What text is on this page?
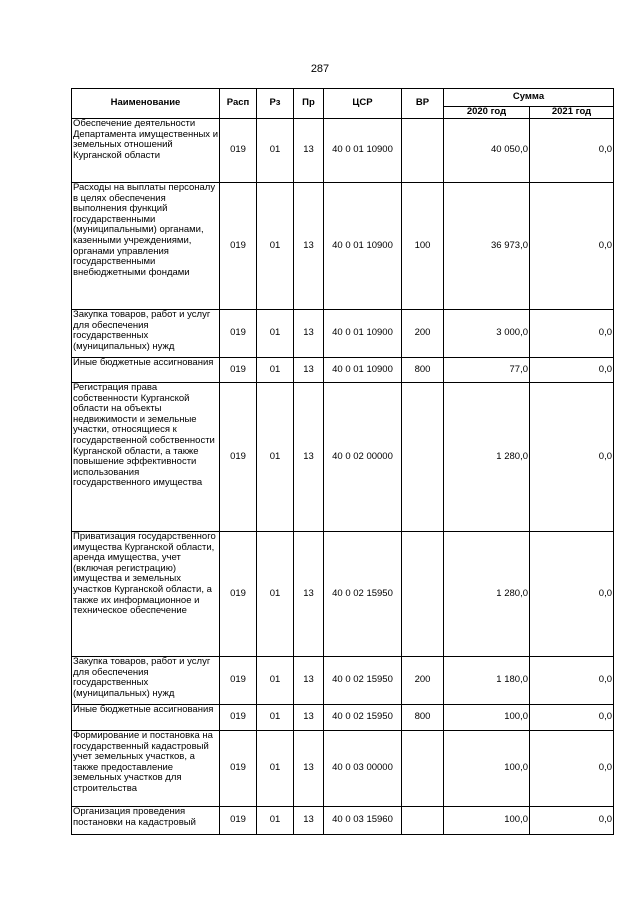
287
Наименование	Расп	Рз	Пр	ЦСР	ВР	Сумма	
						2020 год	2021 год
Обеспечение деятельности Департамента имущественных и земельных отношений Курганской области	019	01	13	40 0 01 10900		40 050,0	0,0
Расходы на выплаты персоналу в целях обеспечения выполнения функций государственными (муниципальными) органами, казенными учреждениями, органами управления государственными внебюджетными фондами	019	01	13	40 0 01 10900	100	36 973,0	0,0
Закупка товаров, работ и услуг для обеспечения государственных (муниципальных) нужд	019	01	13	40 0 01 10900	200	3 000,0	0,0
Иные бюджетные ассигнования	019	01	13	40 0 01 10900	800	77,0	0,0
Регистрация права собственности Курганской области на объекты недвижимости и земельные участки, относящиеся к государственной собственности Курганской области, а также повышение эффективности использования государственного имущества	019	01	13	40 0 02 00000		1 280,0	0,0
Приватизация государственного имущества Курганской области, аренда имущества, учет (включая регистрацию) имущества и земельных участков Курганской области, а также их информационное и техническое обеспечение	019	01	13	40 0 02 15950		1 280,0	0,0
Закупка товаров, работ и услуг для обеспечения государственных (муниципальных) нужд	019	01	13	40 0 02 15950	200	1 180,0	0,0
Иные бюджетные ассигнования	019	01	13	40 0 02 15950	800	100,0	0,0
Формирование и постановка на государственный кадастровый учет земельных участков, а также предоставление земельных участков для строительства	019	01	13	40 0 03 00000		100,0	0,0
Организация проведения постановки на кадастровый	019	01	13	40 0 03 15960		100,0	0,0
